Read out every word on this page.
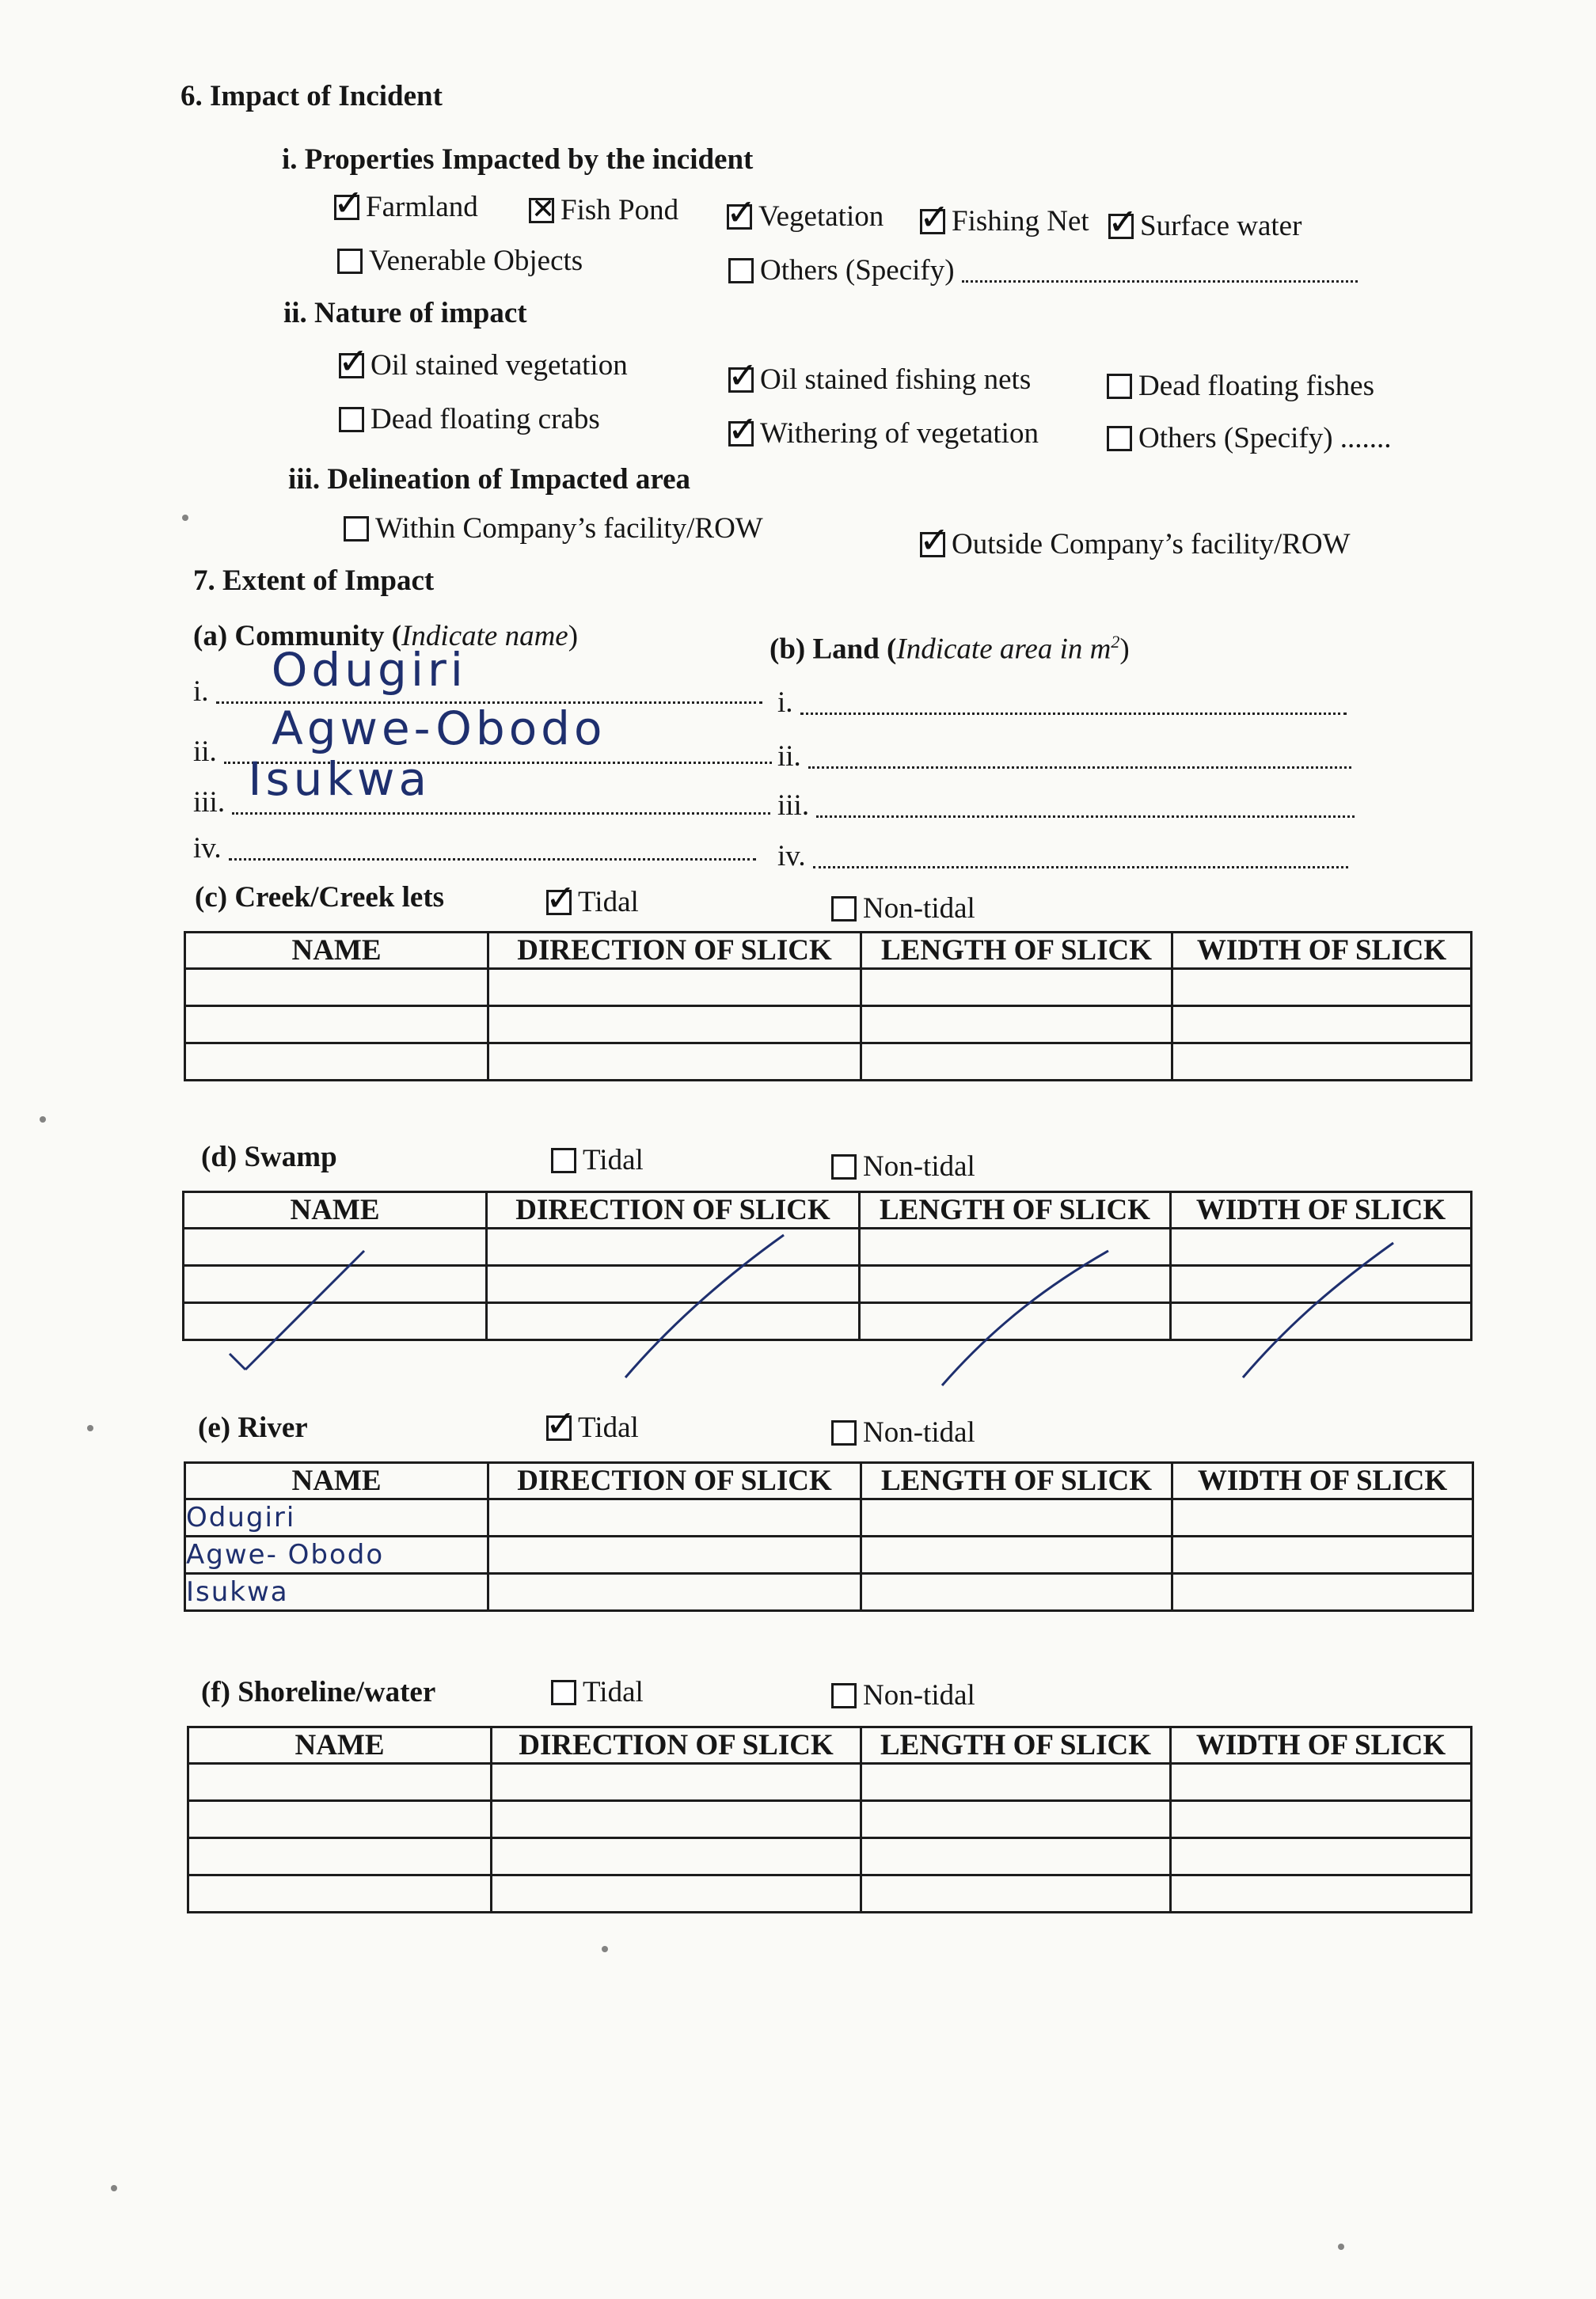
6. Impact of Incident
i. Properties Impacted by the incident
✓ Farmland ✕ Fish Pond ✓ Vegetation ✓ Fishing Net ✓ Surface water
Venerable Objects	Others (Specify)
ii. Nature of impact
✓ Oil stained vegetation	✓ Oil stained fishing nets	Dead floating fishes
Dead floating crabs	✓ Withering of vegetation	Others (Specify) .......
iii. Delineation of Impacted area
Within Company’s facility/ROW	✓ Outside Company’s facility/ROW
7. Extent of Impact
(a) Community (Indicate name)	(b) Land (Indicate area in $m^2$)
i. Odugiri
ii. Agwe-Obodo
iii. Isukwa
iv.
i.
ii.
iii.
iv.
(c) Creek/Creek lets	✓ Tidal	Non-tidal
NAME	DIRECTION OF SLICK	LENGTH OF SLICK	WIDTH OF SLICK

(d) Swamp	Tidal	Non-tidal
NAME	DIRECTION OF SLICK	LENGTH OF SLICK	WIDTH OF SLICK

(e) River	✓ Tidal	Non-tidal
NAME	DIRECTION OF SLICK	LENGTH OF SLICK	WIDTH OF SLICK
Odugiri			
Agwe- Obodo			
Isukwa			
(f) Shoreline/water	Tidal	Non-tidal
NAME	DIRECTION OF SLICK	LENGTH OF SLICK	WIDTH OF SLICK
